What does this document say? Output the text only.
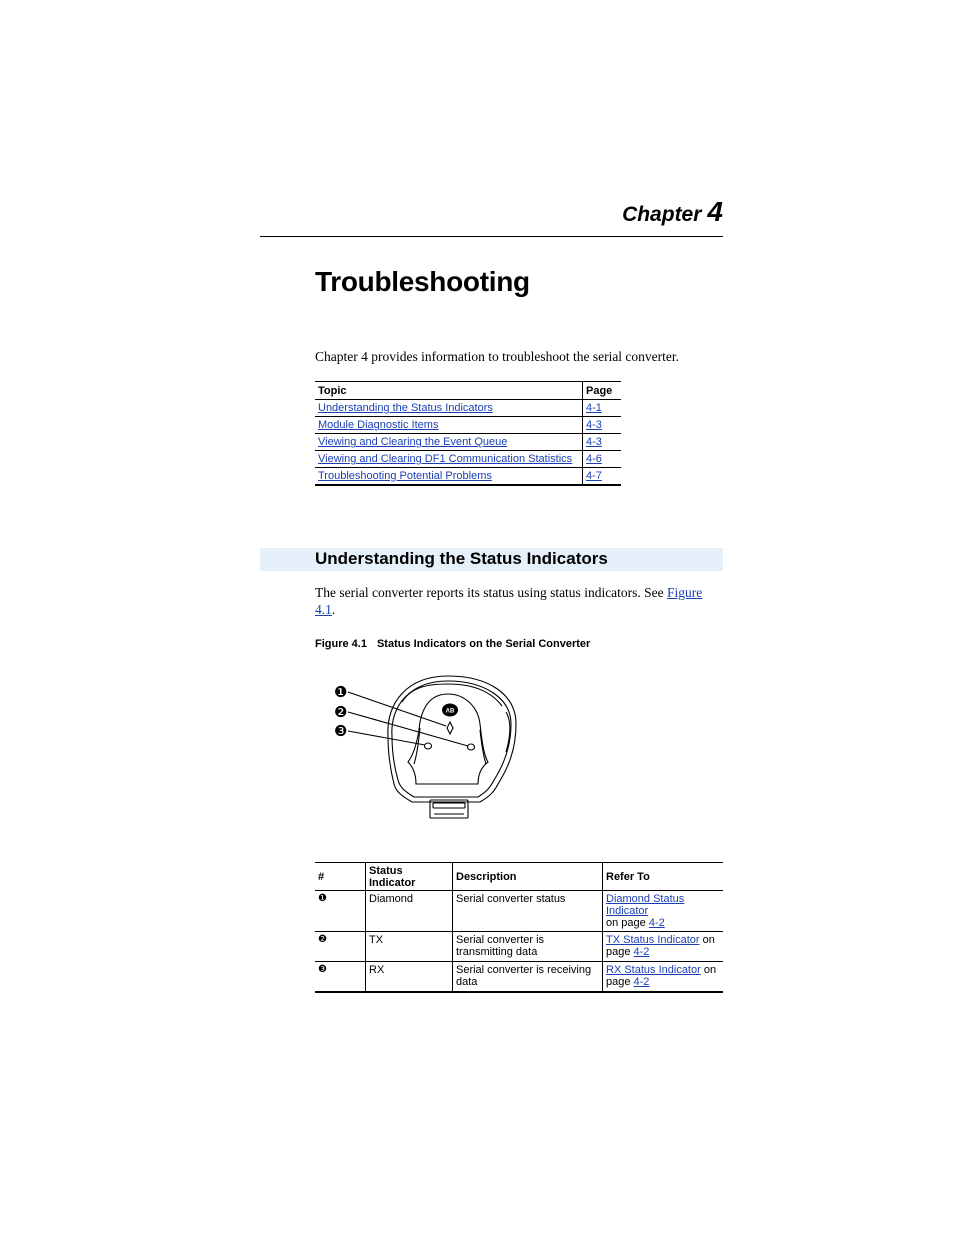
Chapter 4
Troubleshooting
Chapter 4 provides information to troubleshoot the serial converter.
Topic	Page
Understanding the Status Indicators	4-1
Module Diagnostic Items	4-3
Viewing and Clearing the Event Queue	4-3
Viewing and Clearing DF1 Communication Statistics	4-6
Troubleshooting Potential Problems	4-7
Understanding the Status Indicators
The serial converter reports its status using status indicators. See Figure 4.1.
Figure 4.1 Status Indicators on the Serial Converter
AB
❶
❷
❸
#	Status Indicator	Description	Refer To
❶	Diamond	Serial converter status	Diamond Status Indicator
on page 4-2
❷	TX	Serial converter is transmitting data	TX Status Indicator on page 4-2
❸	RX	Serial converter is receiving data	RX Status Indicator on page 4-2
